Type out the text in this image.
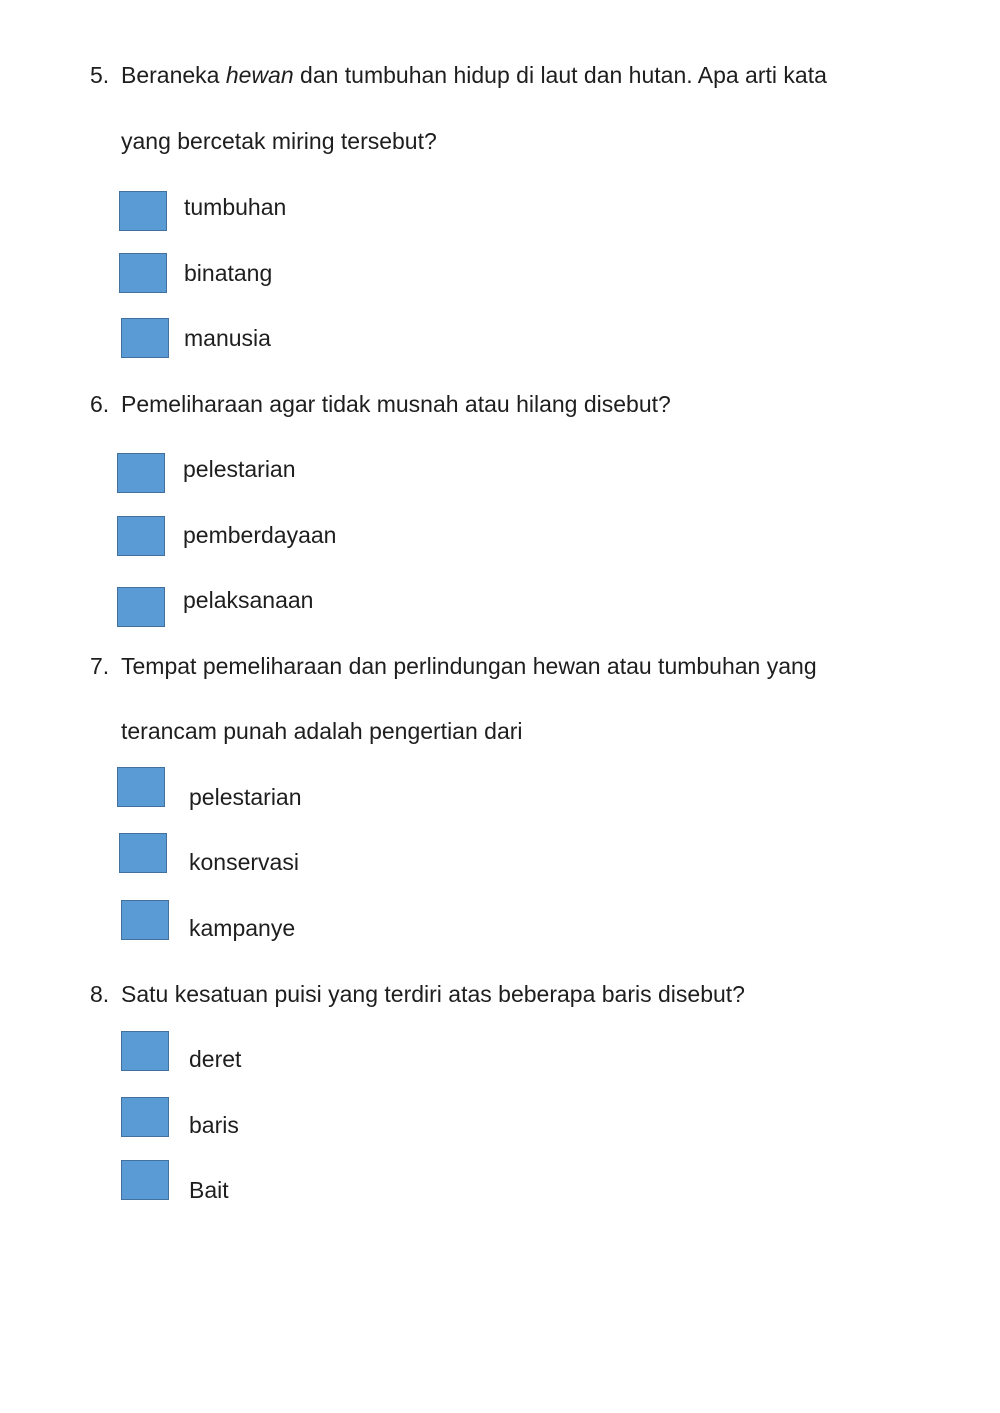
5. Beraneka hewan dan tumbuhan hidup di laut dan hutan. Apa arti kata
yang bercetak miring tersebut?
tumbuhan
binatang
manusia
6. Pemeliharaan agar tidak musnah atau hilang disebut?
pelestarian
pemberdayaan
pelaksanaan
7. Tempat pemeliharaan dan perlindungan hewan atau tumbuhan yang
terancam punah adalah pengertian dari
pelestarian
konservasi
kampanye
8. Satu kesatuan puisi yang terdiri atas beberapa baris disebut?
deret
baris
Bait
